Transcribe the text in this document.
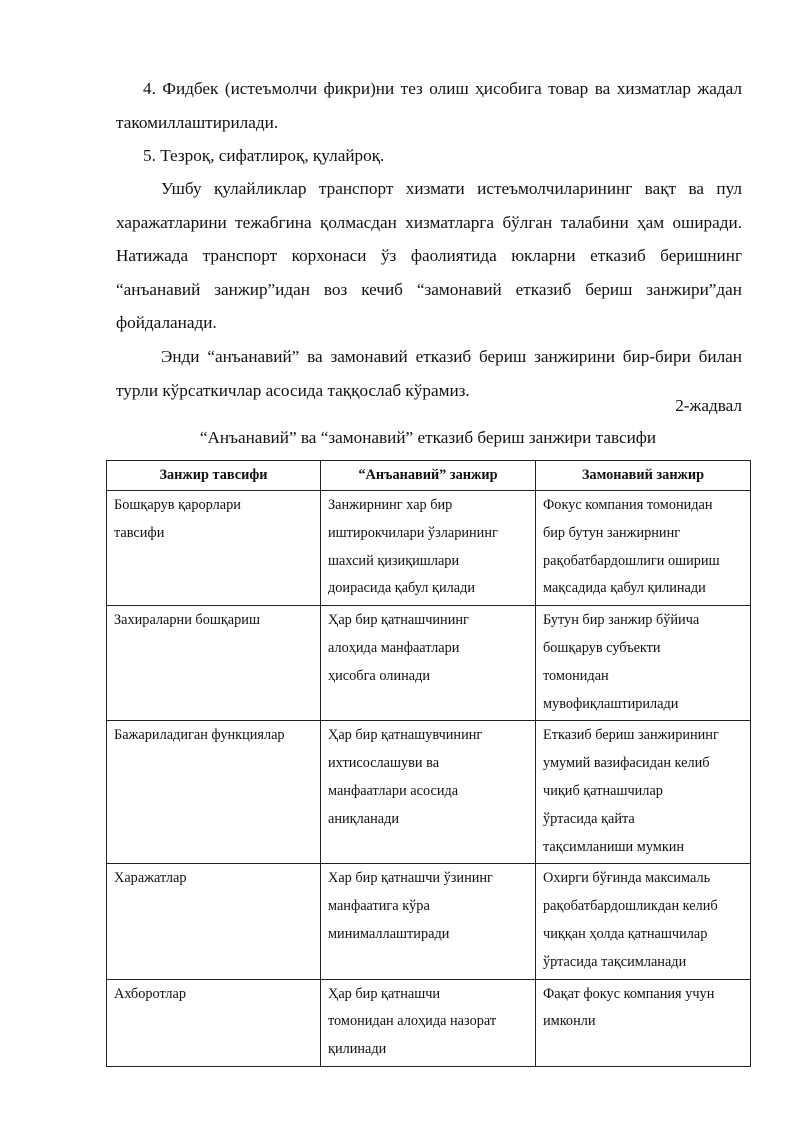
4. Фидбек (истеъмолчи фикри)ни тез олиш ҳисобига товар ва хизматлар жадал такомиллаштирилади.

5. Тезроқ, сифатлироқ, қулайроқ.

Ушбу қулайликлар транспорт хизмати истеъмолчиларининг вақт ва пул харажатларини тежабгина қолмасдан хизматларга бўлган талабини ҳам оширади. Натижада транспорт корхонаси ўз фаолиятида юкларни етказиб беришнинг “анъанавий занжир”идан воз кечиб “замонавий етказиб бериш занжири”дан фойдаланади.

Энди “анъанавий” ва замонавий етказиб бериш занжирини бир-бири билан турли кўрсаткичлар асосида таққослаб кўрамиз.

2-жадвал

“Анъанавий” ва “замонавий” етказиб бериш занжири тавсифи

Занжир тавсифи	“Анъанавий” занжир	Замонавий занжир

Бошқарув қарорлари
тавсифи	Занжирнинг хар бир
иштирокчилари ўзларининг
шахсий қизиқишлари
доирасида қабул қилади	Фокус компания томонидан
бир бутун занжирнинг
рақобатбардошлиги ошириш
мақсадида қабул қилинади

Захираларни бошқариш	Ҳар бир қатнашчининг
алоҳида манфаатлари
ҳисобга олинади	Бутун бир занжир бўйича
бошқарув субъекти
томонидан
мувофиқлаштирилади

Бажариладиган функциялар	Ҳар бир қатнашувчининг
ихтисослашуви ва
манфаатлари асосида
аниқланади	Етказиб бериш занжирининг
умумий вазифасидан келиб
чиқиб қатнашчилар
ўртасида қайта
тақсимланиши мумкин

Харажатлар	Хар бир қатнашчи ўзининг
манфаатига кўра
минималлаштиради	Охирги бўғинда максималь
рақобатбардошликдан келиб
чиққан ҳолда қатнашчилар
ўртасида тақсимланади

Ахборотлар	Ҳар бир қатнашчи
томонидан алоҳида назорат
қилинади	Фақат фокус компания учун
имконли
